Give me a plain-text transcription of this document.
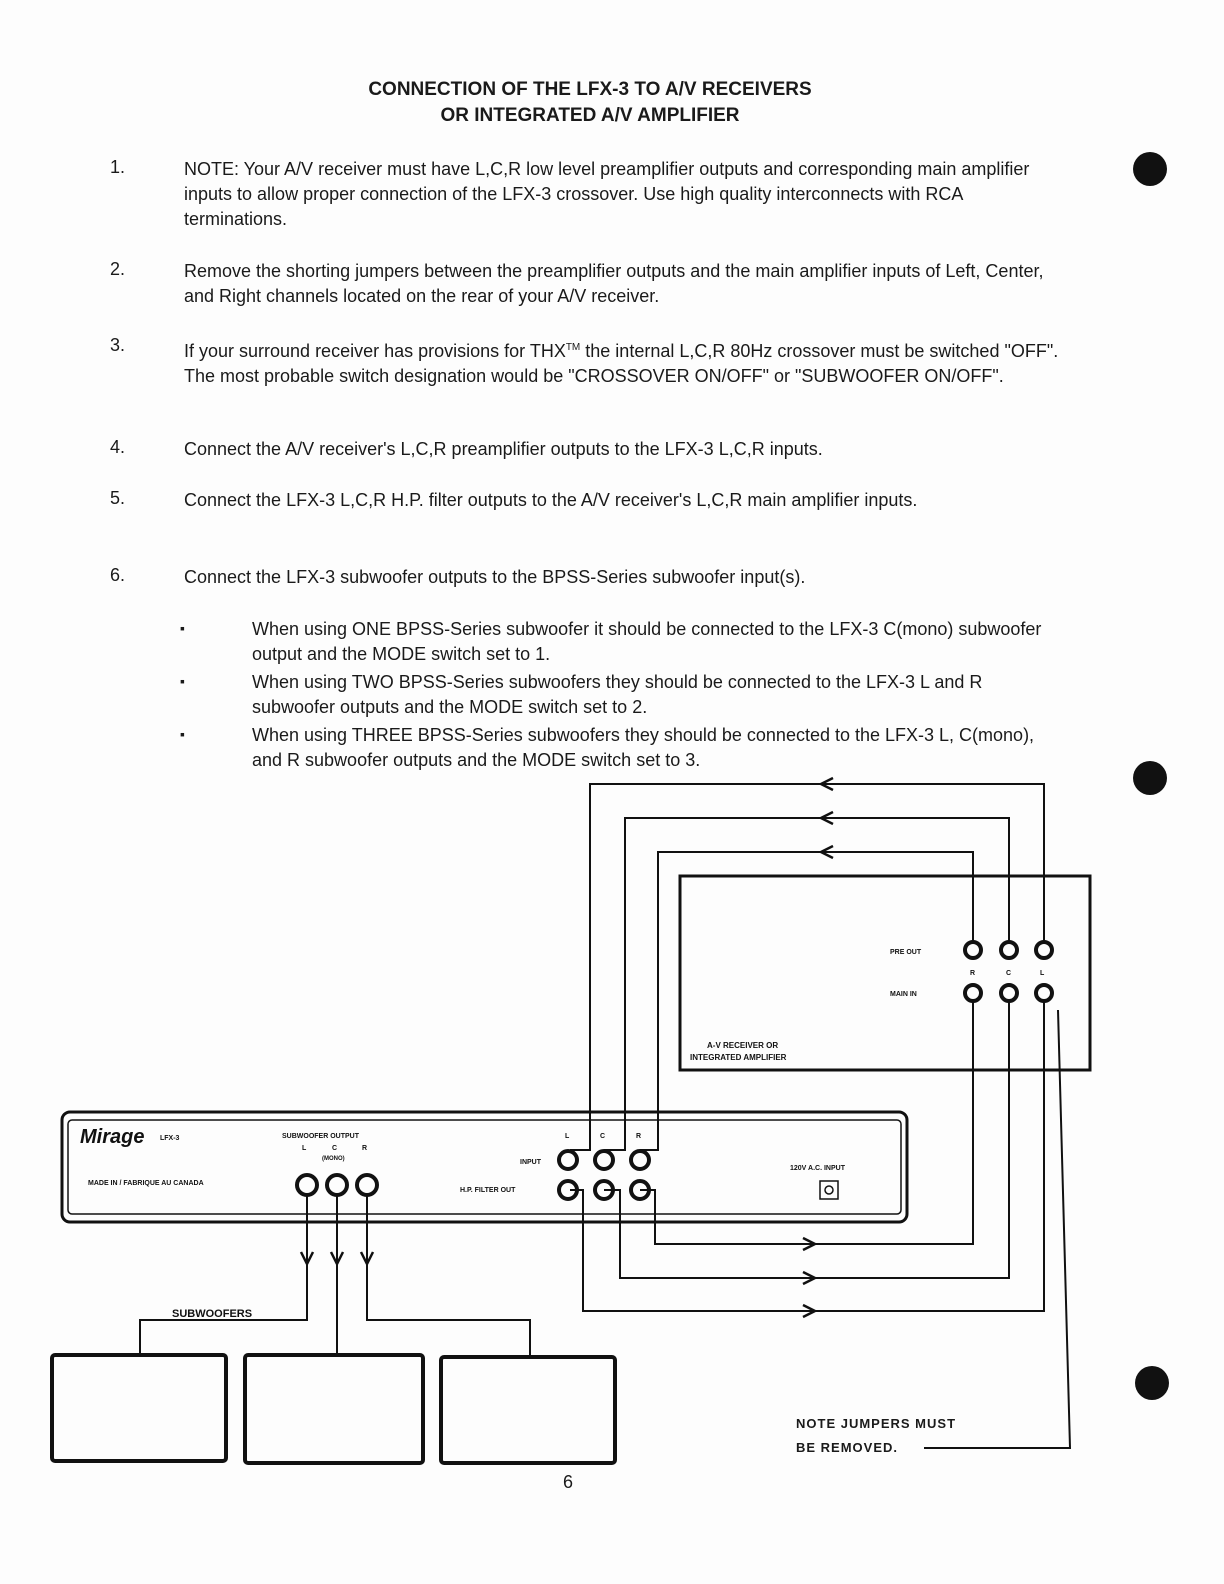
CONNECTION OF THE LFX-3 TO A/V RECEIVERS
OR INTEGRATED A/V AMPLIFIER
1.	NOTE: Your A/V receiver must have L,C,R low level preamplifier outputs and corresponding main amplifier inputs to allow proper connection of the LFX-3 crossover. Use high quality interconnects with RCA terminations.
2.	Remove the shorting jumpers between the preamplifier outputs and the main amplifier inputs of Left, Center, and Right channels located on the rear of your A/V receiver.
3.	If your surround receiver has provisions for THX™ the internal L,C,R 80Hz crossover must be switched "OFF". The most probable switch designation would be "CROSSOVER ON/OFF" or "SUBWOOFER ON/OFF".
4.	Connect the A/V receiver's L,C,R preamplifier outputs to the LFX-3 L,C,R inputs.
5.	Connect the LFX-3 L,C,R H.P. filter outputs to the A/V receiver's L,C,R main amplifier inputs.
6.	Connect the LFX-3 subwoofer outputs to the BPSS-Series subwoofer input(s).
▪	When using ONE BPSS-Series subwoofer it should be connected to the LFX-3 C(mono) subwoofer output and the MODE switch set to 1.
▪	When using TWO BPSS-Series subwoofers they should be connected to the LFX-3 L and R subwoofer outputs and the MODE switch set to 2.
▪	When using THREE BPSS-Series subwoofers they should be connected to the LFX-3 L, C(mono), and R subwoofer outputs and the MODE switch set to 3.
PRE OUT
MAIN IN
R	C	L
A-V RECEIVER OR
INTEGRATED AMPLIFIER
Mirage LFX-3
MADE IN / FABRIQUE AU CANADA
SUBWOOFER OUTPUT
L	C
(MONO)
R
L	C	R
INPUT
H.P. FILTER OUT
120V A.C. INPUT
SUBWOOFERS
NOTE JUMPERS MUST
BE REMOVED.
6
